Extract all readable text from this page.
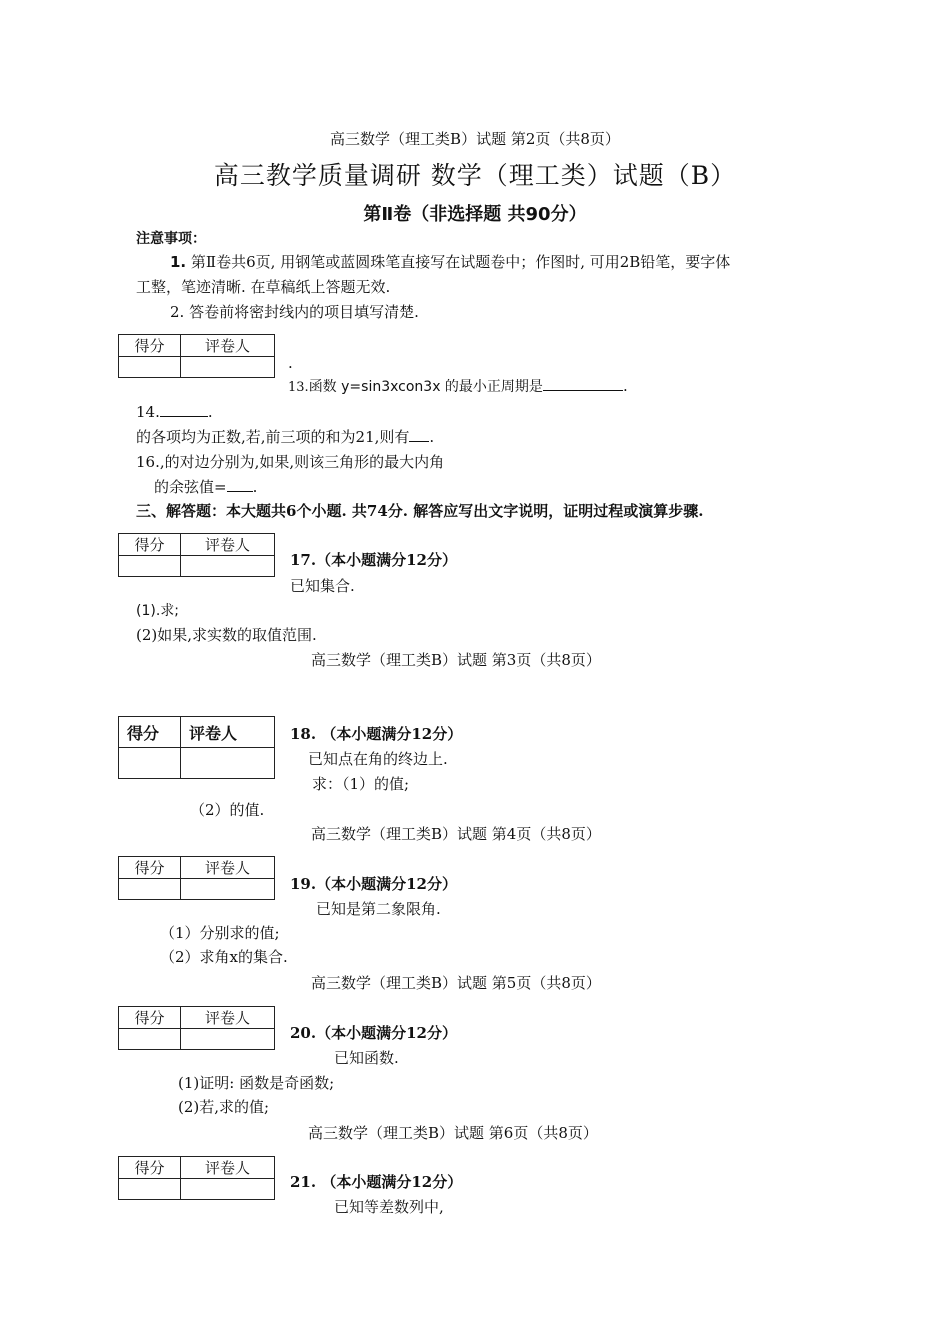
高三数学（理工类B）试题 第2页（共8页）
高三教学质量调研 数学（理工类）试题（B）
第Ⅱ卷（非选择题 共90分）
注意事项：
1. 第Ⅱ卷共6页, 用钢笔或蓝圆珠笔直接写在试题卷中；作图时, 可用2B铅笔，要字体
工整，笔迹清晰. 在草稿纸上答题无效.
2. 答卷前将密封线内的项目填写清楚.
得分	评卷人

.
13.函数 y=sin3xcon3x 的最小正周期是	.
14.	.
的各项均为正数,若,前三项的和为21,则有 .
16.,的对边分别为,如果,则该三角形的最大内角
的余弦值= .
三、解答题：本大题共6个小题. 共74分. 解答应写出文字说明，证明过程或演算步骤.
得分	评卷人

17.（本小题满分12分）
已知集合.
(1).求;
(2)如果,求实数的取值范围.
高三数学（理工类B）试题 第3页（共8页）
得分	评卷人
		18. （本小题满分12分）
已知点在角的终边上.
求：（1）的值;
（2）的值.
高三数学（理工类B）试题 第4页（共8页）
得分	评卷人

19.（本小题满分12分）
已知是第二象限角.
（1）分别求的值;
（2）求角x的集合.
高三数学（理工类B）试题 第5页（共8页）
得分	评卷人

20.（本小题满分12分）
已知函数.
(1)证明: 函数是奇函数;
(2)若,求的值;
高三数学（理工类B）试题 第6页（共8页）
得分	评卷人

21. （本小题满分12分）
已知等差数列中,
